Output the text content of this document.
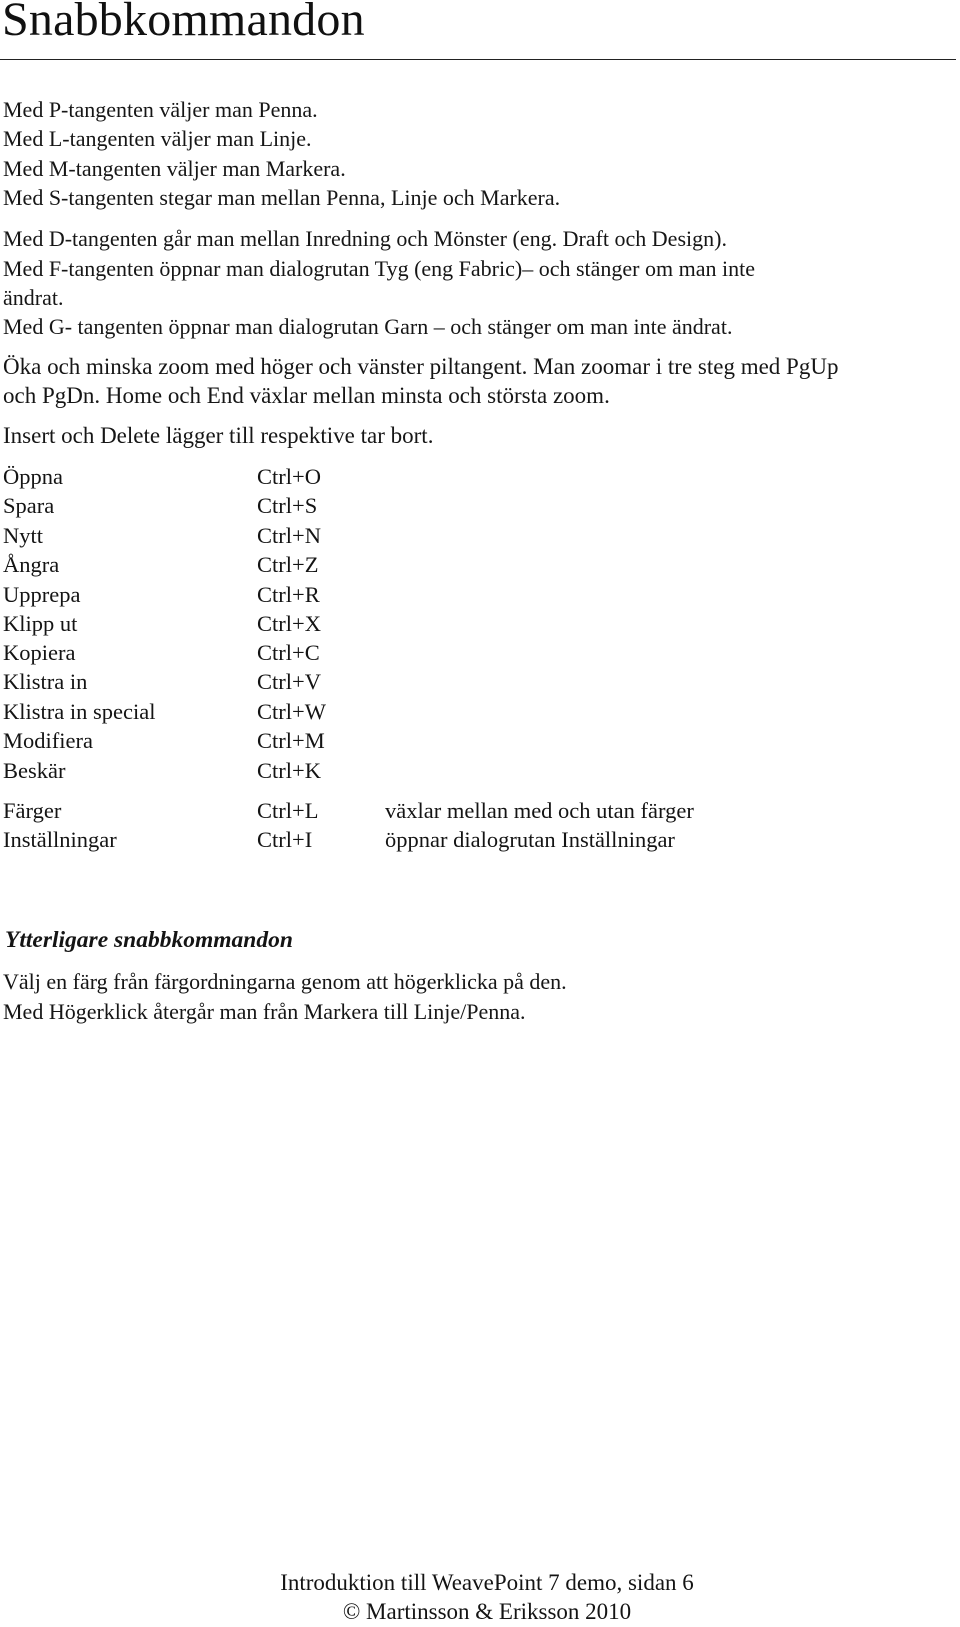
Snabbkommandon
Med P-tangenten väljer man Penna.
Med L-tangenten väljer man Linje.
Med M-tangenten väljer man Markera.
Med S-tangenten stegar man mellan Penna, Linje och Markera.
Med D-tangenten går man mellan Inredning och Mönster (eng. Draft och Design).
Med F-tangenten öppnar man dialogrutan Tyg (eng Fabric)– och stänger om man inte
ändrat.
Med G- tangenten öppnar man dialogrutan Garn – och stänger om man inte ändrat.
Öka och minska zoom med höger och vänster piltangent. Man zoomar i tre steg med PgUp
och PgDn. Home och End växlar mellan minsta och största zoom.
Insert och Delete lägger till respektive tar bort.
Öppna	Ctrl+O
Spara	Ctrl+S
Nytt	Ctrl+N
Ångra	Ctrl+Z
Upprepa	Ctrl+R
Klipp ut	Ctrl+X
Kopiera	Ctrl+C
Klistra in	Ctrl+V
Klistra in special	Ctrl+W
Modifiera	Ctrl+M
Beskär	Ctrl+K
Färger	Ctrl+L	växlar mellan med och utan färger
Inställningar	Ctrl+I	öppnar dialogrutan Inställningar
Ytterligare snabbkommandon
Välj en färg från färgordningarna genom att högerklicka på den.
Med Högerklick återgår man från Markera till Linje/Penna.
Introduktion till WeavePoint 7 demo, sidan 6
© Martinsson & Eriksson 2010
